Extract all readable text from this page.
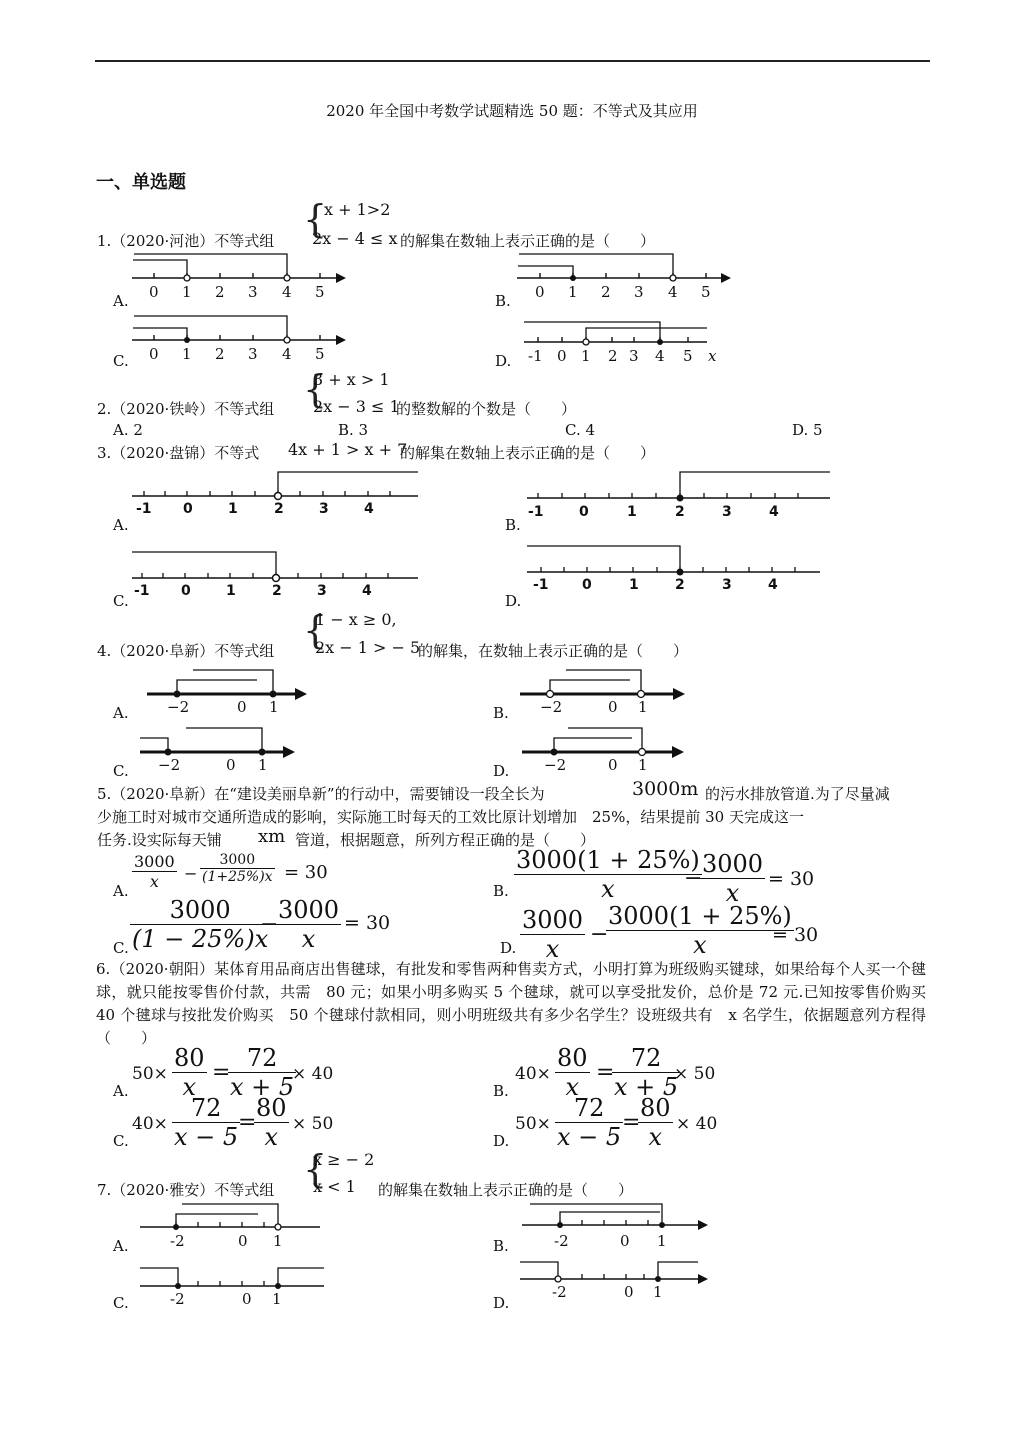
2020 年全国中考数学试题精选 50 题：不等式及其应用
一、单选题
{
x + 1>2
2x − 4 ≤ x
1.（2020·河池）不等式组	的解集在数轴上表示正确的是（　　）
A. 0 1 2 3 4 5	B. 0 1 2 3 4 5
C. 0 1 2 3 4 5	D. -1 0 1 2 3 4 5 x
{
3 + x > 1
2x − 3 ≤ 1
2.（2020·铁岭）不等式组	的整数解的个数是（　　）
A. 2	B. 3	C. 4	D. 5
3.（2020·盘锦）不等式 4x + 1 > x + 7
的解集在数轴上表示正确的是（　　）
A.
-1 0	1	2	3	4
B.
-1	0	1	2	3	4
C.
-1 0	1	2	3	4
D.
-1 0	1	2	3	4
{
1 − x ≥ 0,
2x − 1 > − 5
4.（2020·阜新）不等式组	的解集，在数轴上表示正确的是（　　）
A.	−2	0 1	B. −2	0 1
C. −2	0 1	D. −2	0 1
5.（2020·阜新）在“建设美丽阜新”的行动中，需要铺设一段全长为	3000m 的污水排放管道.为了尽量减
少施工时对城市交通所造成的影响，实际施工时每天的工效比原计划增加　25%，结果提前 30 天完成这一
任务.设实际每天铺 xm 管道，根据题意，所列方程正确的是（　　）
A. $\frac{3000}{x} - \frac{3000}{(1+25\%)x} = 30$
B. $\frac{3000(1 + 25\%)}{x}$
−
$\frac{3000}{x} = 30$
C. $\frac{3000}{(1 - 25\%)x}$
−
$\frac{3000}{x} = 30$
D. $\frac{3000}{x}$ −
$\frac{3000(1 + 25\%)}{x}$
= 30
6.（2020·朝阳）某体育用品商店出售毽球，有批发和零售两种售卖方式，小明打算为班级购买键球，如果给每个人买一个毽球，就只能按零售价付款，共需　80 元；如果小明多购买 5 个毽球，就可以享受批发价，总价是 72 元.已知按零售价购买 40 个毽球与按批发价购买　50 个毽球付款相同，则小明班级共有多少名学生？设班级共有　x 名学生，依据题意列方程得（　　）
A.
$50\times \frac{80}{x}$ =
$\frac{72}{x + 5}$
× 40
B.
$40\times \frac{80}{x}$ =
$\frac{72}{x + 5}$
× 50
C.
$40\times \frac{72}{x - 5}$
=
$\frac{80}{x} \times 50$
D.
$50\times \frac{72}{x - 5}$
=
$\frac{80}{x} \times 40$
{
x ≥ − 2
x < 1
7.（2020·雅安）不等式组	的解集在数轴上表示正确的是（　　）
A.	-2	0 1	B.	-2	0 1
C.	-2	0 1	D.
-2	0 1
